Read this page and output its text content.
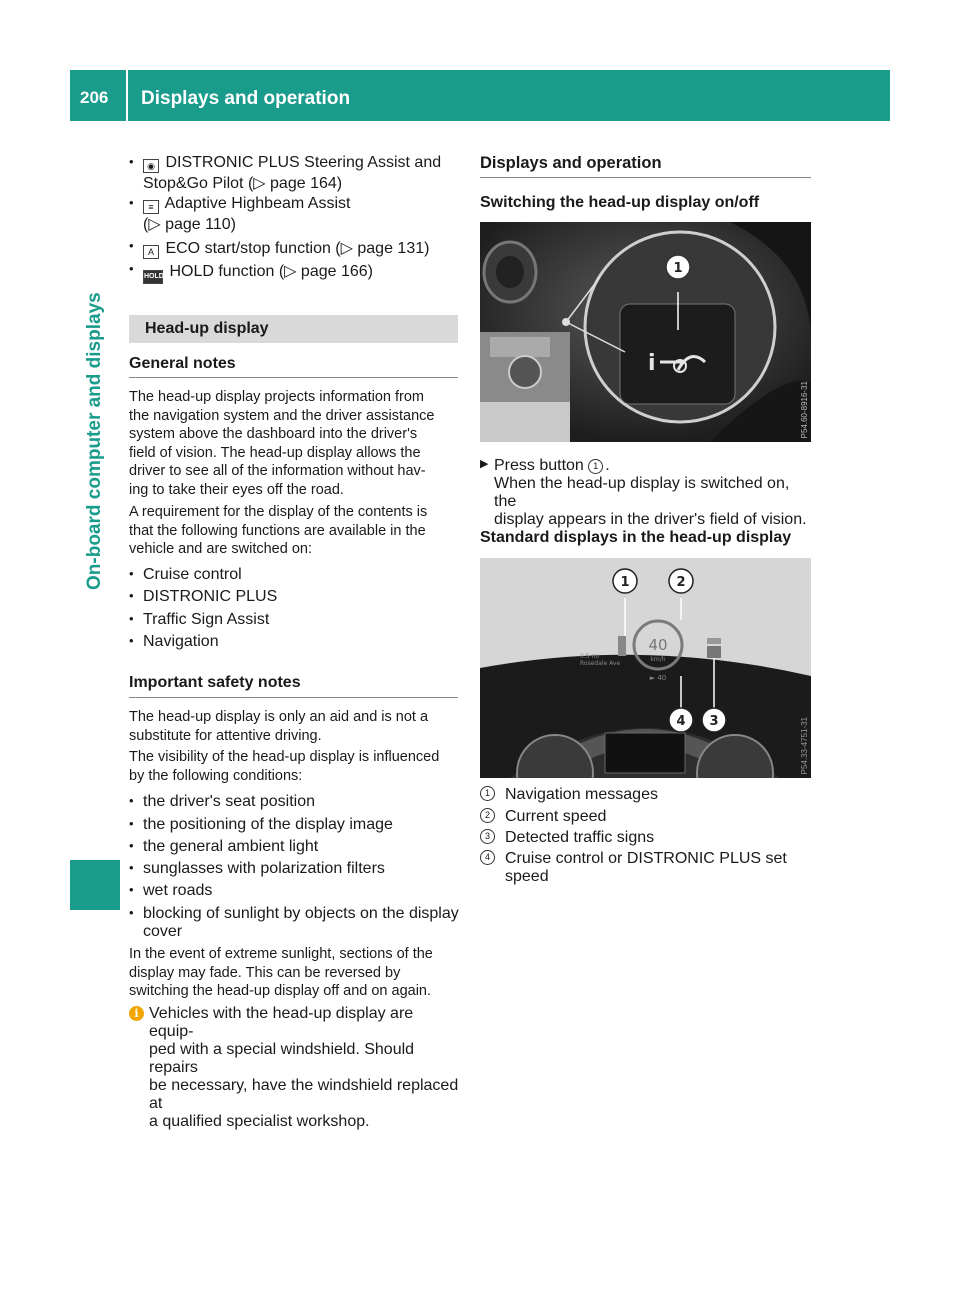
206 Displays and operation
On-board computer and displays
•	◉ DISTRONIC PLUS Steering Assist and
Stop&Go Pilot (▷ page 164)
•	≡ Adaptive Highbeam Assist
(▷ page 110)
•	A ECO start/stop function (▷ page 131)
•
HOLD HOLD function (▷ page 166)
Head-up display
General notes
The head-up display projects information from
the navigation system and the driver assistance
system above the dashboard into the driver's
field of vision. The head-up display allows the
driver to see all of the information without hav-
ing to take their eyes off the road.
A requirement for the display of the contents is
that the following functions are available in the
vehicle and are switched on:
• Cruise control
• DISTRONIC PLUS
• Traffic Sign Assist
• Navigation
Important safety notes
The head-up display is only an aid and is not a
substitute for attentive driving.
The visibility of the head-up display is influenced
by the following conditions:
• the driver's seat position
• the positioning of the display image
• the general ambient light
• sunglasses with polarization filters
• wet roads
• blocking of sunlight by objects on the display
cover
In the event of extreme sunlight, sections of the
display may fade. This can be reversed by
switching the head-up display off and on again.
i Vehicles with the head-up display are equip-
ped with a special windshield. Should repairs
be necessary, have the windshield replaced at
a qualified specialist workshop.
Displays and operation
Switching the head-up display on/off
i
1
P54.60-8916-31
▶ Press button 1 .
When the head-up display is switched on, the
display appears in the driver's field of vision.
Standard displays in the head-up display
40
km/h
► 40
0.5 mi
Rosedale Ave
1	2
4 3	P54.33-4751-31
1 Navigation messages
2 Current speed
3 Detected traffic signs
4 Cruise control or DISTRONIC PLUS set
speed
